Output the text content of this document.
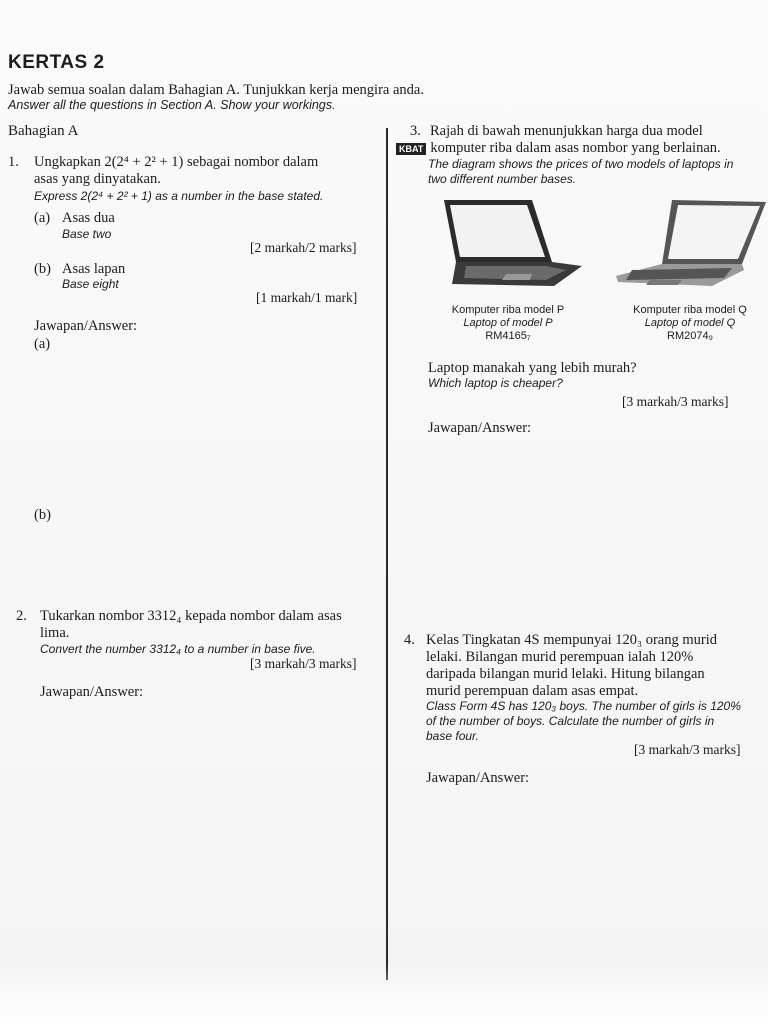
KERTAS 2
Jawab semua soalan dalam Bahagian A. Tunjukkan kerja mengira anda.
Answer all the questions in Section A. Show your workings.
Bahagian A
1. Ungkapkan 2(2⁴ + 2² + 1) sebagai nombor dalam
asas yang dinyatakan.
Express 2(2⁴ + 2² + 1) as a number in the base stated.
(a) Asas dua
Base two
[2 markah/2 marks]
(b) Asas lapan
Base eight
[1 markah/1 mark]
Jawapan/Answer:
(a)
(b)
2. Tukarkan nombor 3312₄ kepada nombor dalam asas
lima.
Convert the number 3312₄ to a number in base five.
[3 markah/3 marks]
Jawapan/Answer:
3. Rajah di bawah menunjukkan harga dua model
KBAT komputer riba dalam asas nombor yang berlainan.
The diagram shows the prices of two models of laptops in
two different number bases.
Komputer riba model P
Laptop of model P
RM4165₇
Komputer riba model Q
Laptop of model Q
RM2074₉
Laptop manakah yang lebih murah?
Which laptop is cheaper?
[3 markah/3 marks]
Jawapan/Answer:
4. Kelas Tingkatan 4S mempunyai 120₃ orang murid
lelaki. Bilangan murid perempuan ialah 120%
daripada bilangan murid lelaki. Hitung bilangan
murid perempuan dalam asas empat.
Class Form 4S has 120₃ boys. The number of girls is 120%
of the number of boys. Calculate the number of girls in
base four.
[3 markah/3 marks]
Jawapan/Answer:
